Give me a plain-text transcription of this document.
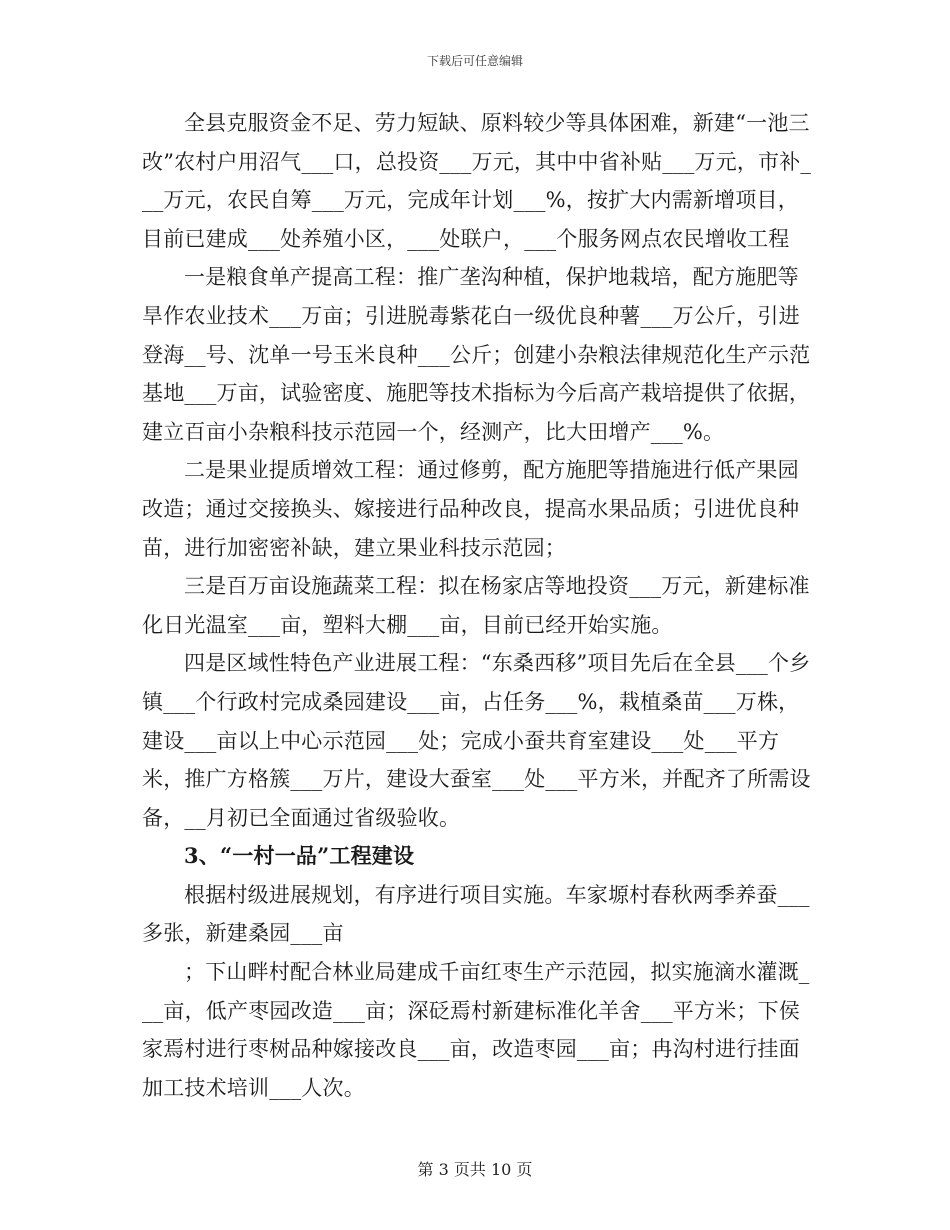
下载后可任意编辑

全县克服资金不足、劳力短缺、原料较少等具体困难，新建“一池三改”农村户用沼气___口，总投资___万元，其中中省补贴___万元，市补___万元，农民自筹___万元，完成年计划___%，按扩大内需新增项目，目前已建成___处养殖小区，___处联户，___个服务网点农民增收工程

一是粮食单产提高工程：推广垄沟种植，保护地栽培，配方施肥等旱作农业技术___万亩；引进脱毒紫花白一级优良种薯___万公斤，引进登海__号、沈单一号玉米良种___公斤；创建小杂粮法律规范化生产示范基地___万亩，试验密度、施肥等技术指标为今后高产栽培提供了依据，建立百亩小杂粮科技示范园一个，经测产，比大田增产___%。

二是果业提质增效工程：通过修剪，配方施肥等措施进行低产果园改造；通过交接换头、嫁接进行品种改良，提高水果品质；引进优良种苗，进行加密密补缺，建立果业科技示范园；

三是百万亩设施蔬菜工程：拟在杨家店等地投资___万元，新建标准化日光温室___亩，塑料大棚___亩，目前已经开始实施。

四是区域性特色产业进展工程：“东桑西移”项目先后在全县___个乡镇___个行政村完成桑园建设___亩，占任务___%，栽植桑苗___万株，建设___亩以上中心示范园___处；完成小蚕共育室建设___处___平方米，推广方格簇___万片，建设大蚕室___处___平方米，并配齐了所需设备，__月初已全面通过省级验收。

3、“一村一品”工程建设

根据村级进展规划，有序进行项目实施。车家塬村春秋两季养蚕___多张，新建桑园___亩

；下山畔村配合林业局建成千亩红枣生产示范园，拟实施滴水灌溉___亩，低产枣园改造___亩；深砭焉村新建标准化羊舍___平方米；下侯家焉村进行枣树品种嫁接改良___亩，改造枣园___亩；冉沟村进行挂面加工技术培训___人次。

第 3 页共 10 页
